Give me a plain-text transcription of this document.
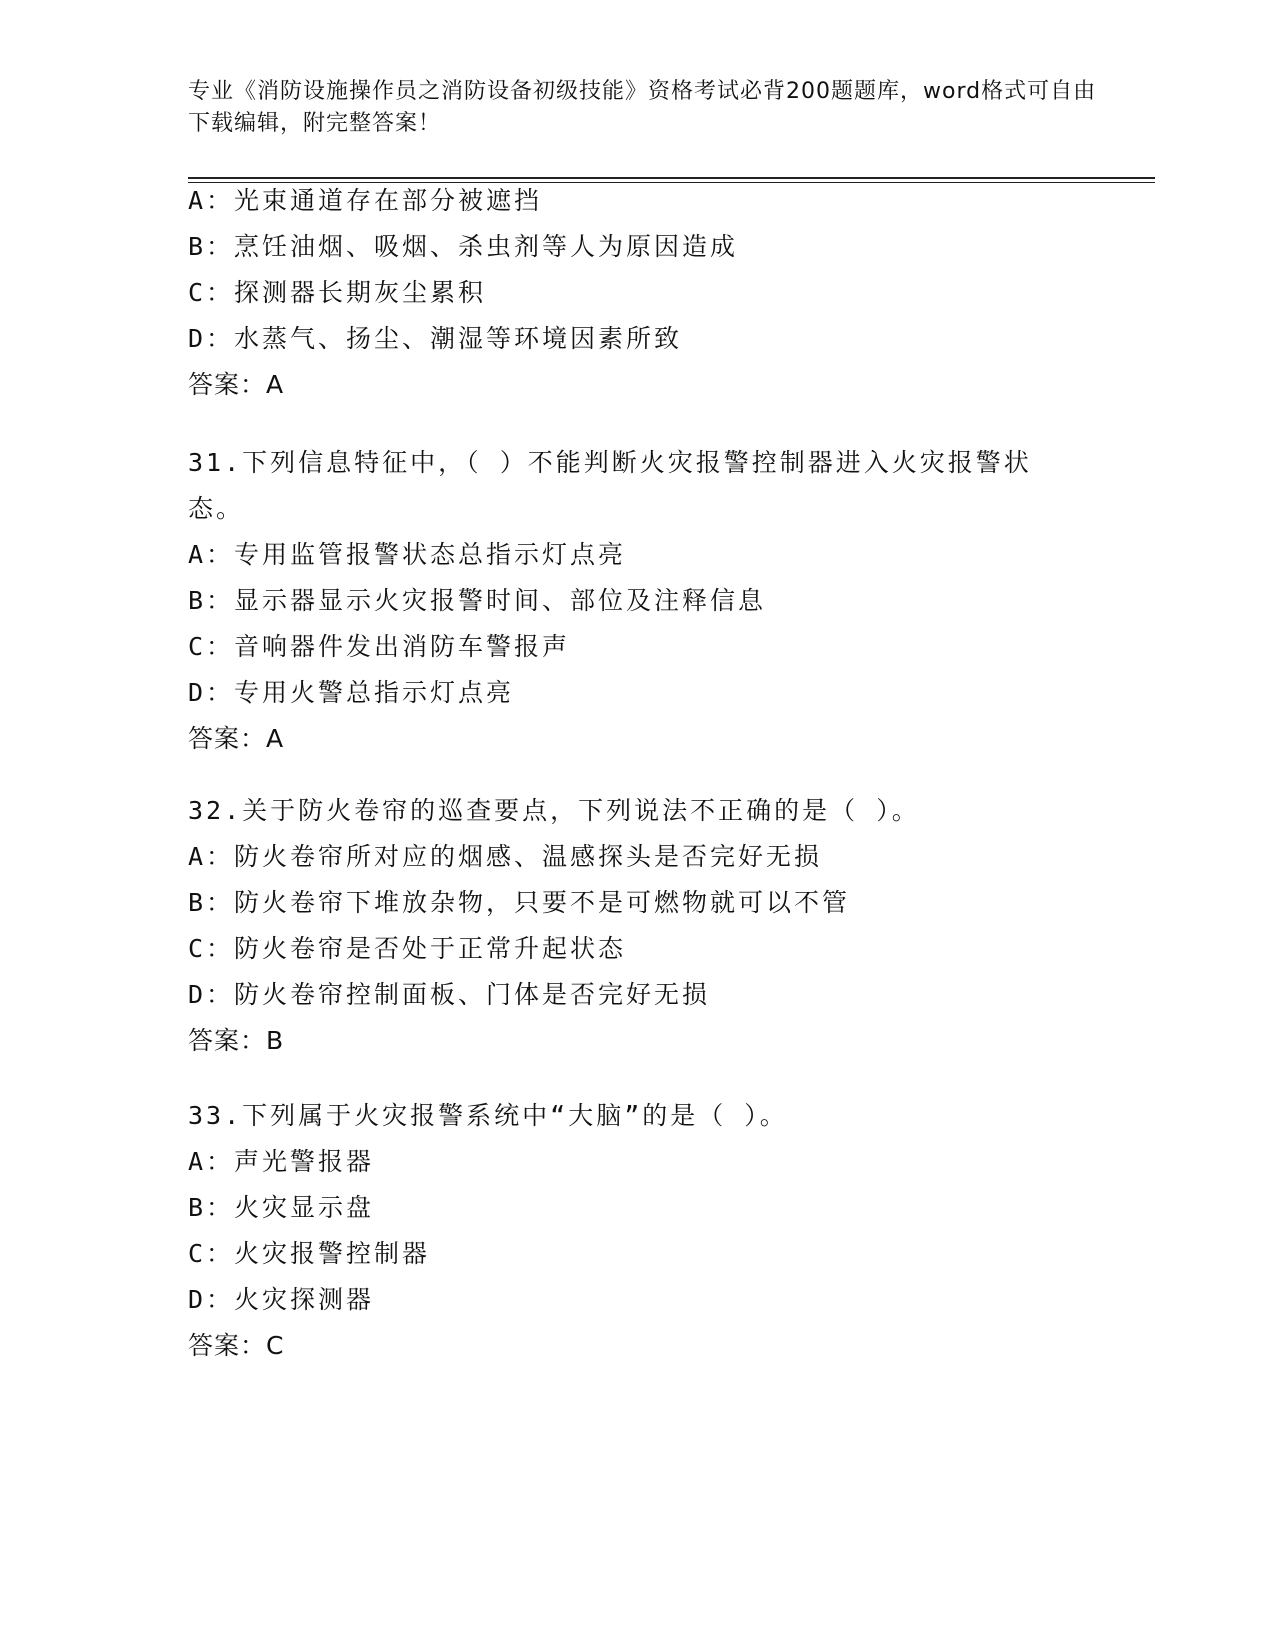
专业《消防设施操作员之消防设备初级技能》资格考试必背200题题库，word格式可自由下载编辑，附完整答案！
A：光束通道存在部分被遮挡
B：烹饪油烟、吸烟、杀虫剂等人为原因造成
C：探测器长期灰尘累积
D：水蒸气、扬尘、潮湿等环境因素所致
答案：A
31.下列信息特征中，（ ）不能判断火灾报警控制器进入火灾报警状态。
A：专用监管报警状态总指示灯点亮
B：显示器显示火灾报警时间、部位及注释信息
C：音响器件发出消防车警报声
D：专用火警总指示灯点亮
答案：A
32.关于防火卷帘的巡查要点，下列说法不正确的是（ ）。
A：防火卷帘所对应的烟感、温感探头是否完好无损
B：防火卷帘下堆放杂物，只要不是可燃物就可以不管
C：防火卷帘是否处于正常升起状态
D：防火卷帘控制面板、门体是否完好无损
答案：B
33.下列属于火灾报警系统中“大脑”的是（ ）。
A：声光警报器
B：火灾显示盘
C：火灾报警控制器
D：火灾探测器
答案：C
